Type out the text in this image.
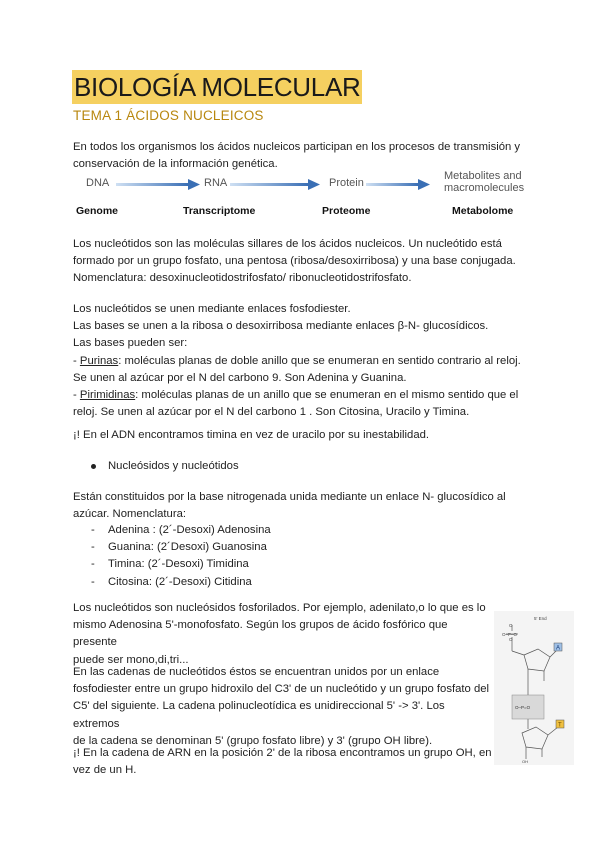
BIOLOGÍA MOLECULAR
TEMA 1 ÁCIDOS NUCLEICOS
En todos los organismos los ácidos nucleicos participan en los procesos de transmisión y conservación de la información genética.
DNA	RNA	Protein
Metabolites and
macromolecules
Genome	Transcriptome	Proteome	Metabolome
Los nucleótidos son las moléculas sillares de los ácidos nucleicos. Un nucleótido está
formado por un grupo fosfato, una pentosa (ribosa/desoxirribosa) y una base conjugada.
Nomenclatura: desoxinucleotidostrifosfato/ ribonucleotidostrifosfato.
Los nucleótidos se unen mediante enlaces fosfodiester.
Las bases se unen a la ribosa o desoxirribosa mediante enlaces β-N- glucosídicos.
Las bases pueden ser:
- Purinas: moléculas planas de doble anillo que se enumeran en sentido contrario al reloj.
Se unen al azúcar por el N del carbono 9. Son Adenina y Guanina.
- Pirimidinas: moléculas planas de un anillo que se enumeran en el mismo sentido que el
reloj. Se unen al azúcar por el N del carbono 1 . Son Citosina, Uracilo y Timina.
¡! En el ADN encontramos timina en vez de uracilo por su inestabilidad.
Nucleósidos y nucleótidos
Están constituidos por la base nitrogenada unida mediante un enlace N- glucosídico al
azúcar. Nomenclatura:
- Adenina : (2´-Desoxi) Adenosina
- Guanina: (2´Desoxi) Guanosina
- Timina: (2´-Desoxi) Timidina
- Citosina: (2´-Desoxi) Citidina
Los nucleótidos son nucleósidos fosforilados. Por ejemplo, adenilato,o lo que es lo
mismo Adenosina 5'-monofosfato. Según los grupos de ácido fosfórico que presente
puede ser mono,di,tri...
En las cadenas de nucleótidos éstos se encuentran unidos por un enlace
fosfodiester entre un grupo hidroxilo del C3' de un nucleótido y un grupo fosfato del
C5' del siguiente. La cadena polinucleotídica es unidireccional 5' -> 3'. Los extremos
de la cadena se denominan 5' (grupo fosfato libre) y 3' (grupo OH libre).
¡! En la cadena de ARN en la posición 2' de la ribosa encontramos un grupo OH, en
vez de un H.
5' End
O
O–P–O
O
A
O–P=O
T
OH
